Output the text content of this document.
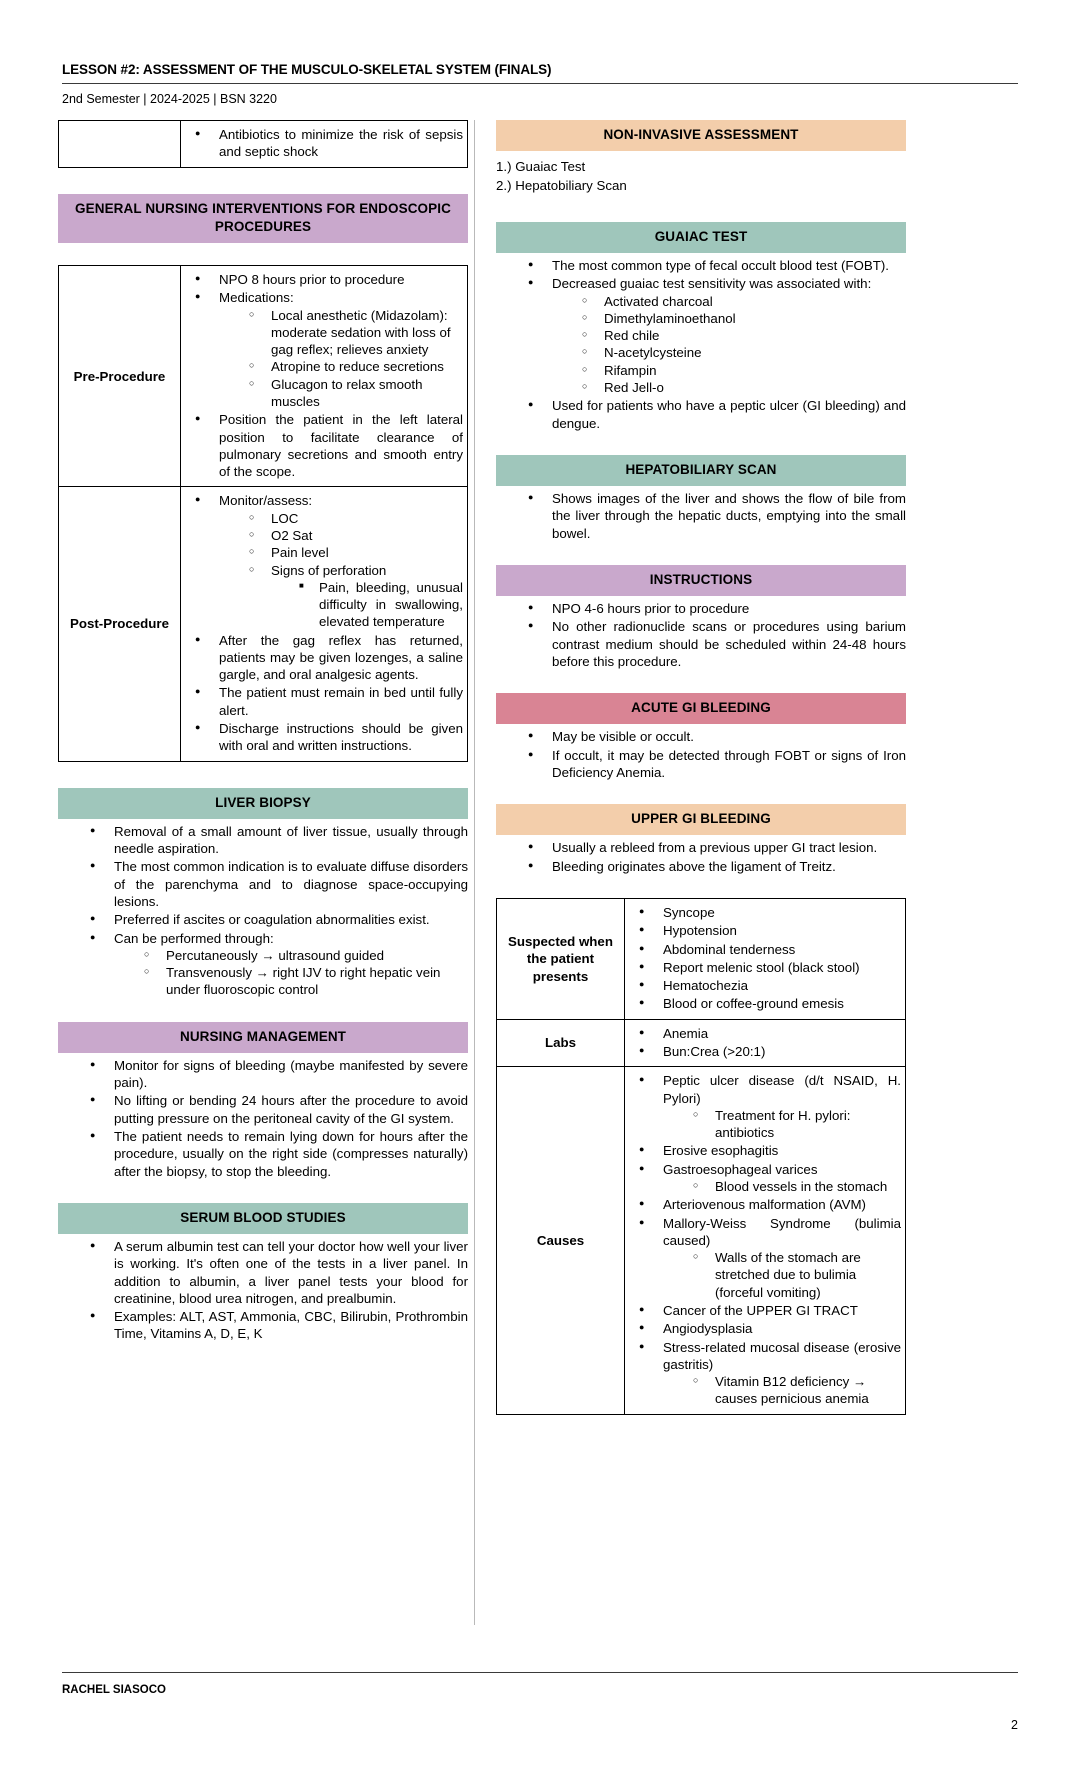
LESSON #2: ASSESSMENT OF THE MUSCULO-SKELETAL SYSTEM (FINALS)
2nd Semester | 2024-2025 | BSN 3220

● Antibiotics to minimize the risk of sepsis and septic shock
GENERAL NURSING INTERVENTIONS FOR ENDOSCOPIC PROCEDURES
Pre-Procedure	
● NPO 8 hours prior to procedure
● Medications:
○ Local anesthetic (Midazolam): moderate sedation with loss of gag reflex; relieves anxiety
○ Atropine to reduce secretions
○ Glucagon to relax smooth muscles
● Position the patient in the left lateral position to facilitate clearance of pulmonary secretions and smooth entry of the scope.

Post-Procedure	
● Monitor/assess:
○ LOC
○ O2 Sat
○ Pain level
○ Signs of perforation
■ Pain, bleeding, unusual difficulty in swallowing, elevated temperature
● After the gag reflex has returned, patients may be given lozenges, a saline gargle, and oral analgesic agents.
● The patient must remain in bed until fully alert.
● Discharge instructions should be given with oral and written instructions.
LIVER BIOPSY
● Removal of a small amount of liver tissue, usually through needle aspiration.
● The most common indication is to evaluate diffuse disorders of the parenchyma and to diagnose space-occupying lesions.
● Preferred if ascites or coagulation abnormalities exist.
● Can be performed through:
○ Percutaneously → ultrasound guided
○ Transvenously → right IJV to right hepatic vein under fluoroscopic control
NURSING MANAGEMENT
● Monitor for signs of bleeding (maybe manifested by severe pain).
● No lifting or bending 24 hours after the procedure to avoid putting pressure on the peritoneal cavity of the GI system.
● The patient needs to remain lying down for hours after the procedure, usually on the right side (compresses naturally) after the biopsy, to stop the bleeding.
SERUM BLOOD STUDIES
● A serum albumin test can tell your doctor how well your liver is working. It's often one of the tests in a liver panel. In addition to albumin, a liver panel tests your blood for creatinine, blood urea nitrogen, and prealbumin.
● Examples: ALT, AST, Ammonia, CBC, Bilirubin, Prothrombin Time, Vitamins A, D, E, K
NON-INVASIVE ASSESSMENT
1.) Guaiac Test
2.) Hepatobiliary Scan
GUAIAC TEST
● The most common type of fecal occult blood test (FOBT).
● Decreased guaiac test sensitivity was associated with:
○ Activated charcoal
○ Dimethylaminoethanol
○ Red chile
○ N-acetylcysteine
○ Rifampin
○ Red Jell-o
● Used for patients who have a peptic ulcer (GI bleeding) and dengue.
HEPATOBILIARY SCAN
● Shows images of the liver and shows the flow of bile from the liver through the hepatic ducts, emptying into the small bowel.
INSTRUCTIONS
● NPO 4-6 hours prior to procedure
● No other radionuclide scans or procedures using barium contrast medium should be scheduled within 24-48 hours before this procedure.
ACUTE GI BLEEDING
● May be visible or occult.
● If occult, it may be detected through FOBT or signs of Iron Deficiency Anemia.
UPPER GI BLEEDING
● Usually a rebleed from a previous upper GI tract lesion.
● Bleeding originates above the ligament of Treitz.
Suspected when the patient presents	
● Syncope
● Hypotension
● Abdominal tenderness
● Report melenic stool (black stool)
● Hematochezia
● Blood or coffee-ground emesis

Labs	
● Anemia
● Bun:Crea (>20:1)

Causes	
● Peptic ulcer disease (d/t NSAID, H. Pylori)
○ Treatment for H. pylori: antibiotics
● Erosive esophagitis
● Gastroesophageal varices
○ Blood vessels in the stomach
● Arteriovenous malformation (AVM)
● Mallory-Weiss Syndrome (bulimia caused)
○ Walls of the stomach are stretched due to bulimia (forceful vomiting)
● Cancer of the UPPER GI TRACT
● Angiodysplasia
● Stress-related mucosal disease (erosive gastritis)
○ Vitamin B12 deficiency → causes pernicious anemia
RACHEL SIASOCO
2
